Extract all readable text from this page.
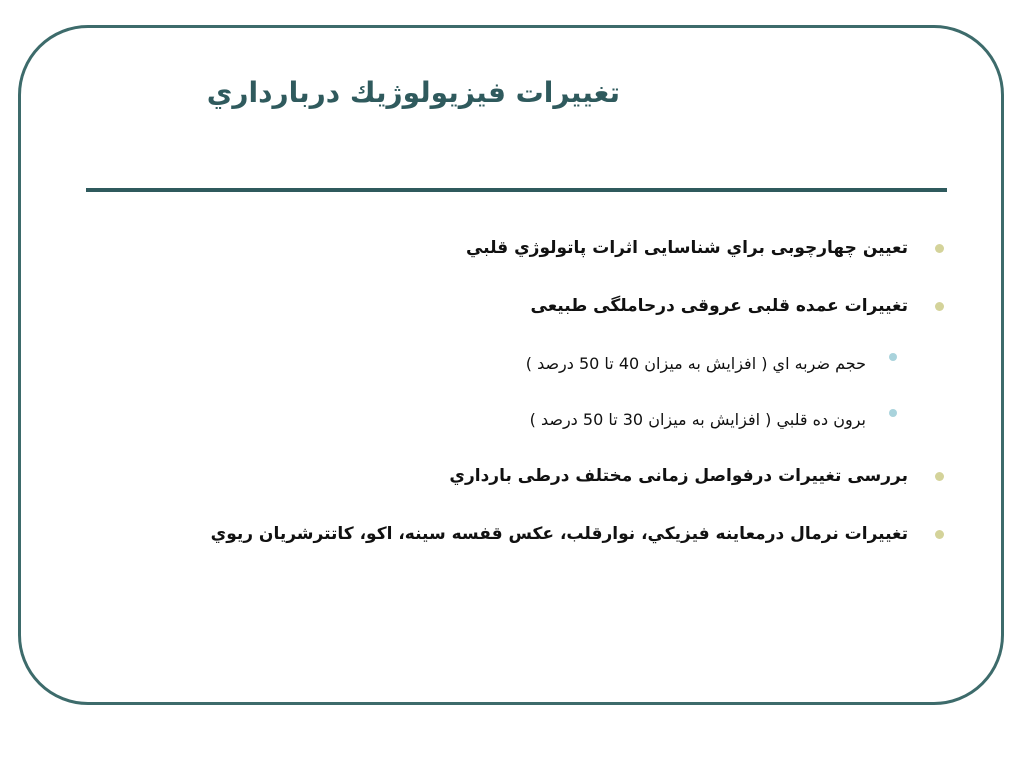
تغييرات فيزيولوژيك دربارداري
تعيين چهارچوبی براي شناسايی اثرات پاتولوژي قلبي
تغييرات عمده قلبی عروقی درحاملگی طبيعی
حجم ضربه اي ( افزايش به ميزان 40 تا 50 درصد )
برون ده قلبي ( افزايش به ميزان 30 تا 50 درصد )
بررسی تغييرات درفواصل زمانی مختلف درطی بارداري
تغييرات نرمال درمعاينه فيزيكي، نوارقلب، عكس قفسه سينه، اكو، كاتترشريان ريوي
